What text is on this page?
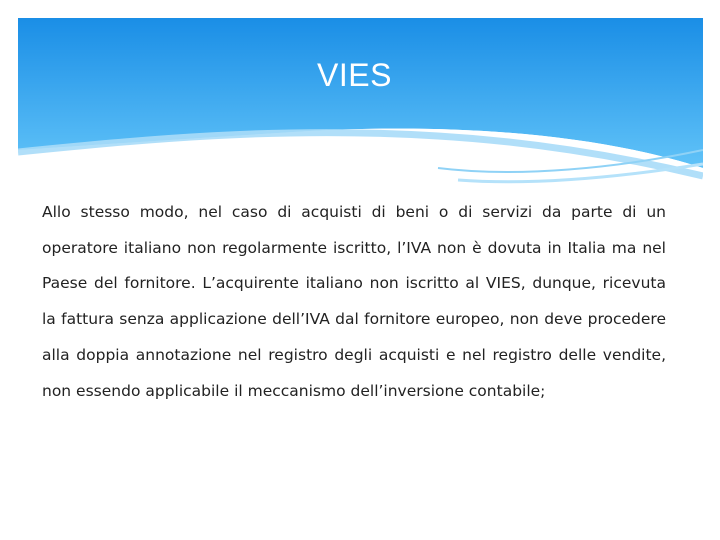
VIES
Allo stesso modo, nel caso di acquisti di beni o di servizi da parte di un operatore italiano non regolarmente iscritto, l’IVA non è dovuta in Italia ma nel Paese del fornitore. L’acquirente italiano non iscritto al VIES, dunque, ricevuta la fattura senza applicazione dell’IVA dal fornitore europeo, non deve procedere alla doppia annotazione nel registro degli acquisti e nel registro delle vendite, non essendo applicabile il meccanismo dell’inversione contabile;
